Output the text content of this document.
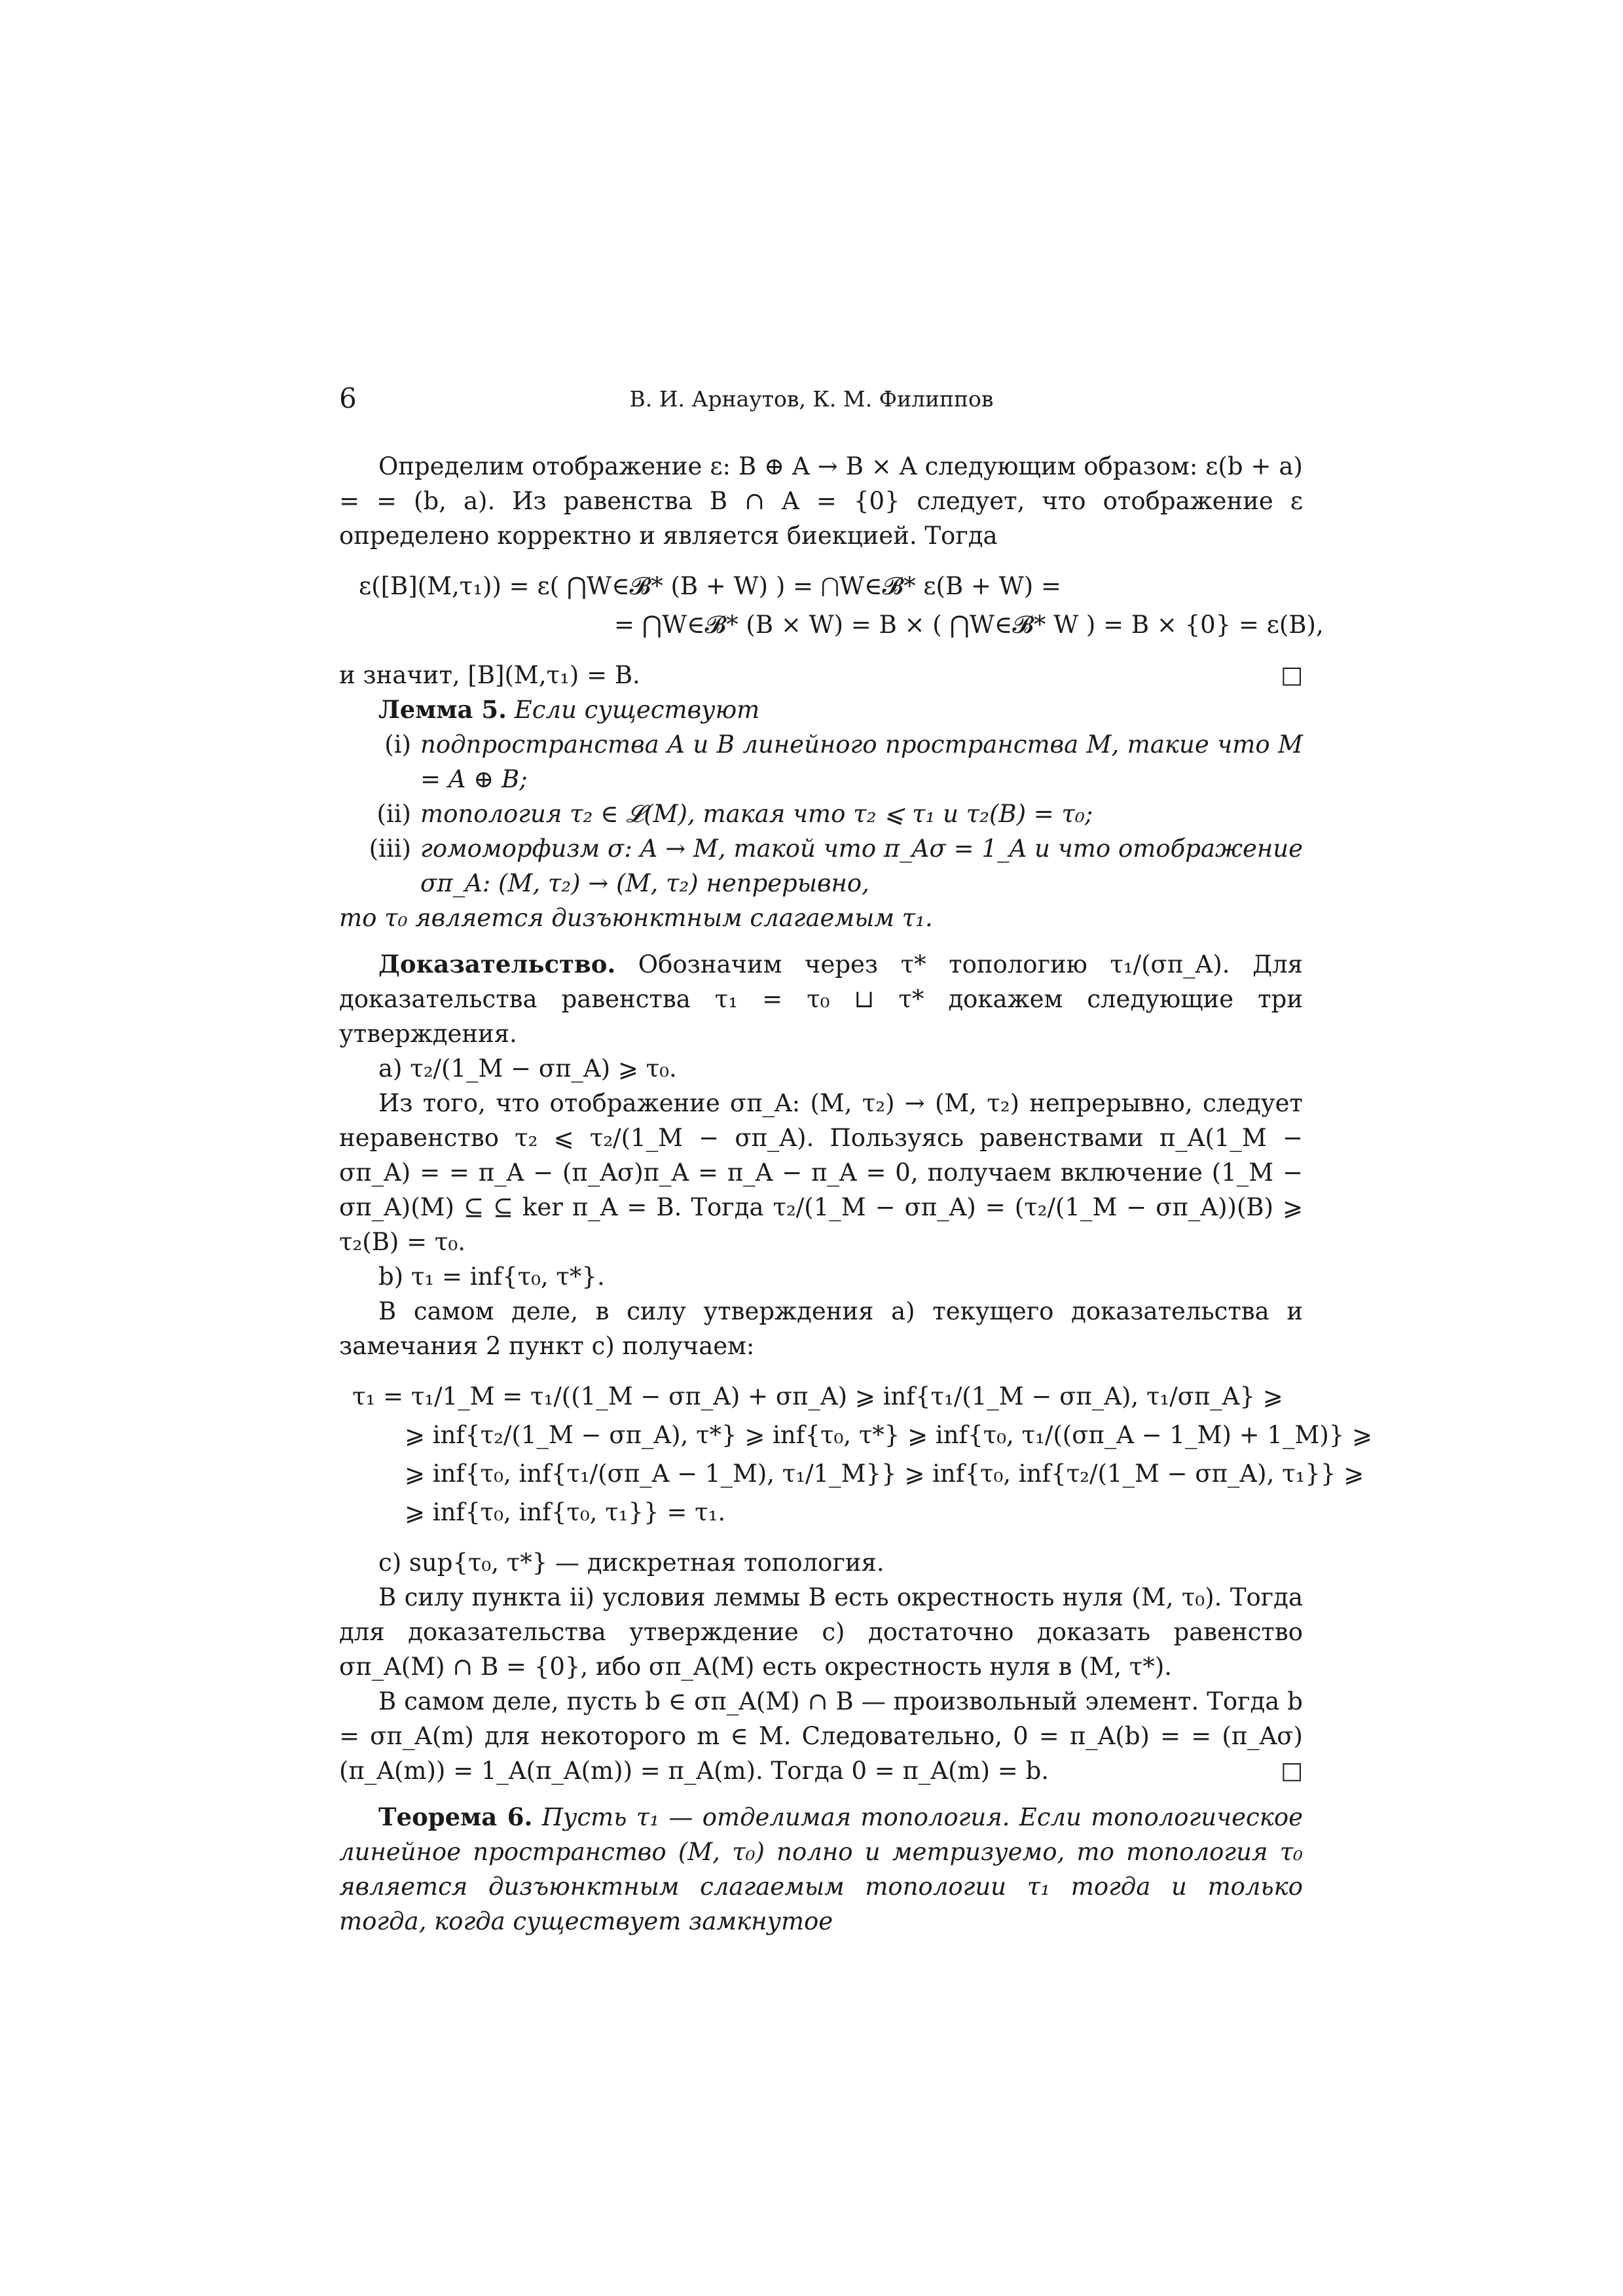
6	В. И. Арнаутов, К. М. Филиппов

Определим отображение ε: B ⊕ A → B × A следующим образом: ε(b + a) = = (b, a). Из равенства B ∩ A = {0} следует, что отображение ε определено корректно и является биекцией. Тогда

ε([B](M,τ₁)) = ε( ⋂W∈𝓑* (B + W) ) = ⋂W∈𝓑* ε(B + W) =
= ⋂W∈𝓑* (B × W) = B × ( ⋂W∈𝓑* W ) = B × {0} = ε(B),

и значит, [B](M,τ₁) = B.	□

Лемма 5. Если существуют

(i) подпространства A и B линейного пространства M, такие что M = A ⊕ B;
(ii) топология τ₂ ∈ 𝓛(M), такая что τ₂ ⩽ τ₁ и τ₂(B) = τ₀;
(iii) гомоморфизм σ: A → M, такой что π_Aσ = 1_A и что отображение σπ_A: (M, τ₂) → (M, τ₂) непрерывно,

то τ₀ является дизъюнктным слагаемым τ₁.

Доказательство. Обозначим через τ* топологию τ₁/(σπ_A). Для доказательства равенства τ₁ = τ₀ ⊔ τ* докажем следующие три утверждения.

a) τ₂/(1_M − σπ_A) ⩾ τ₀.

Из того, что отображение σπ_A: (M, τ₂) → (M, τ₂) непрерывно, следует неравенство τ₂ ⩽ τ₂/(1_M − σπ_A). Пользуясь равенствами π_A(1_M − σπ_A) = = π_A − (π_Aσ)π_A = π_A − π_A = 0, получаем включение (1_M − σπ_A)(M) ⊆ ⊆ ker π_A = B. Тогда τ₂/(1_M − σπ_A) = (τ₂/(1_M − σπ_A))(B) ⩾ τ₂(B) = τ₀.

b) τ₁ = inf{τ₀, τ*}.

В самом деле, в силу утверждения a) текущего доказательства и замечания 2 пункт c) получаем:

τ₁ = τ₁/1_M = τ₁/((1_M − σπ_A) + σπ_A) ⩾ inf{τ₁/(1_M − σπ_A), τ₁/σπ_A} ⩾
⩾ inf{τ₂/(1_M − σπ_A), τ*} ⩾ inf{τ₀, τ*} ⩾ inf{τ₀, τ₁/((σπ_A − 1_M) + 1_M)} ⩾
⩾ inf{τ₀, inf{τ₁/(σπ_A − 1_M), τ₁/1_M}} ⩾ inf{τ₀, inf{τ₂/(1_M − σπ_A), τ₁}} ⩾
⩾ inf{τ₀, inf{τ₀, τ₁}} = τ₁.

c) sup{τ₀, τ*} — дискретная топология.

В силу пункта ii) условия леммы B есть окрестность нуля (M, τ₀). Тогда для доказательства утверждение c) достаточно доказать равенство σπ_A(M) ∩ B = {0}, ибо σπ_A(M) есть окрестность нуля в (M, τ*).

В самом деле, пусть b ∈ σπ_A(M) ∩ B — произвольный элемент. Тогда b = σπ_A(m) для некоторого m ∈ M. Следовательно, 0 = π_A(b) = = (π_Aσ)(π_A(m)) = 1_A(π_A(m)) = π_A(m). Тогда 0 = π_A(m) = b.	□

Теорема 6. Пусть τ₁ — отделимая топология. Если топологическое линейное пространство (M, τ₀) полно и метризуемо, то топология τ₀ является дизъюнктным слагаемым топологии τ₁ тогда и только тогда, когда существует замкнутое
